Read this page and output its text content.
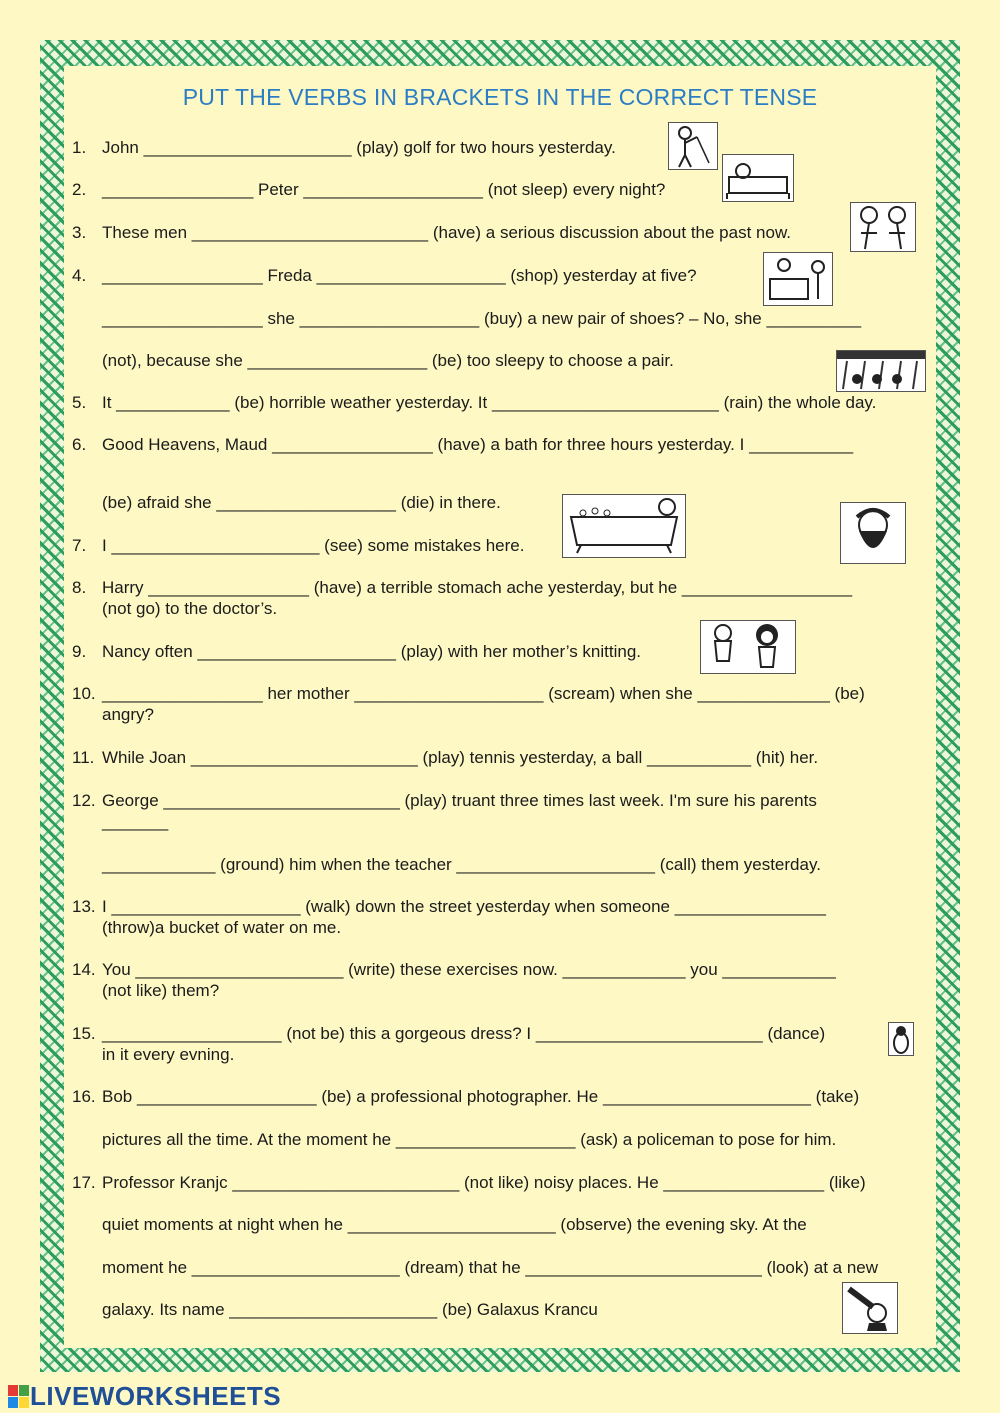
PUT THE VERBS IN BRACKETS IN THE CORRECT TENSE
1. John ______________________ (play) golf for two hours yesterday.
2. ________________ Peter ___________________ (not sleep) every night?
3. These men _________________________ (have) a serious discussion about the past now.
4. _________________ Freda ____________________ (shop) yesterday at five?
_________________ she ___________________ (buy) a new pair of shoes? – No, she __________
(not), because she ___________________ (be) too sleepy to choose a pair.
5. It ____________ (be) horrible weather yesterday. It ________________________ (rain) the whole day.
6. Good Heavens, Maud _________________ (have) a bath for three hours yesterday. I ___________
(be) afraid she ___________________ (die) in there.
7. I ______________________ (see) some mistakes here.
8. Harry _________________ (have) a terrible stomach ache yesterday, but he __________________
(not go) to the doctor’s.
9. Nancy often _____________________ (play) with her mother’s knitting.
10. _________________ her mother ____________________ (scream) when she ______________ (be)
angry?
11. While Joan ________________________ (play) tennis yesterday, a ball ___________ (hit) her.
12. George _________________________ (play) truant three times last week. I'm sure his parents
_______
____________ (ground) him when the teacher _____________________ (call) them yesterday.
13. I ____________________ (walk) down the street yesterday when someone ________________
(throw)a bucket of water on me.
14. You ______________________ (write) these exercises now. _____________ you ____________
(not like) them?
15. ___________________ (not be) this a gorgeous dress? I ________________________ (dance)
in it every evning.
16. Bob ___________________ (be) a professional photographer. He ______________________ (take)
pictures all the time. At the moment he ___________________ (ask) a policeman to pose for him.
17. Professor Kranjc ________________________ (not like) noisy places. He _________________ (like)
quiet moments at night when he ______________________ (observe) the evening sky. At the
moment he ______________________ (dream) that he _________________________ (look) at a new
galaxy. Its name ______________________ (be) Galaxus Krancu
LIVEWORKSHEETS
